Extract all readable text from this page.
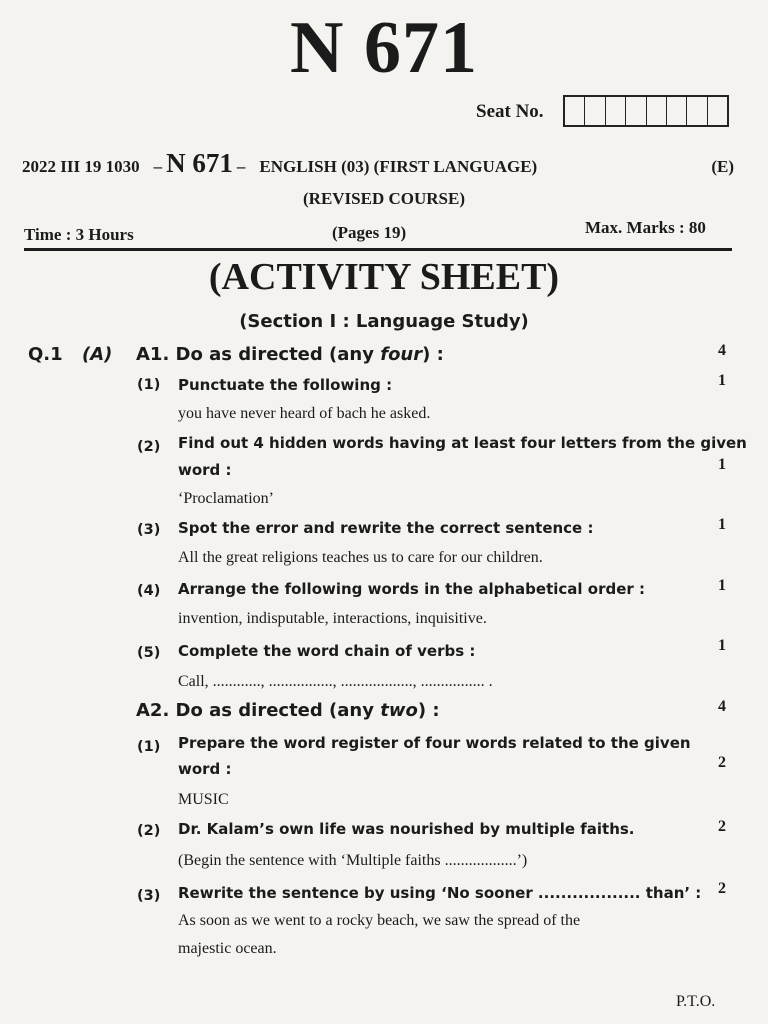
N 671
Seat No.
2022 III 19 1030 – N 671 – ENGLISH (03) (FIRST LANGUAGE)	(E)
(REVISED COURSE)
Time : 3 Hours	(Pages 19)	Max. Marks : 80
(ACTIVITY SHEET)
(Section I : Language Study)
Q.1 (A) A1. Do as directed (any four) :	4
(1) Punctuate the following :	1
you have never heard of bach he asked.
(2) Find out 4 hidden words having at least four letters from the given
word :	1
‘Proclamation’
(3) Spot the error and rewrite the correct sentence :	1
All the great religions teaches us to care for our children.
(4) Arrange the following words in the alphabetical order :	1
invention, indisputable, interactions, inquisitive.
(5) Complete the word chain of verbs :	1
Call, ............, ................, .................., ................ .
A2. Do as directed (any two) :	4
(1) Prepare the word register of four words related to the given
word :	2
MUSIC
(2) Dr. Kalam’s own life was nourished by multiple faiths.	2
(Begin the sentence with ‘Multiple faiths ..................’)
(3) Rewrite the sentence by using ‘No sooner .................. than’ :	2
As soon as we went to a rocky beach, we saw the spread of the
majestic ocean.
P.T.O.
